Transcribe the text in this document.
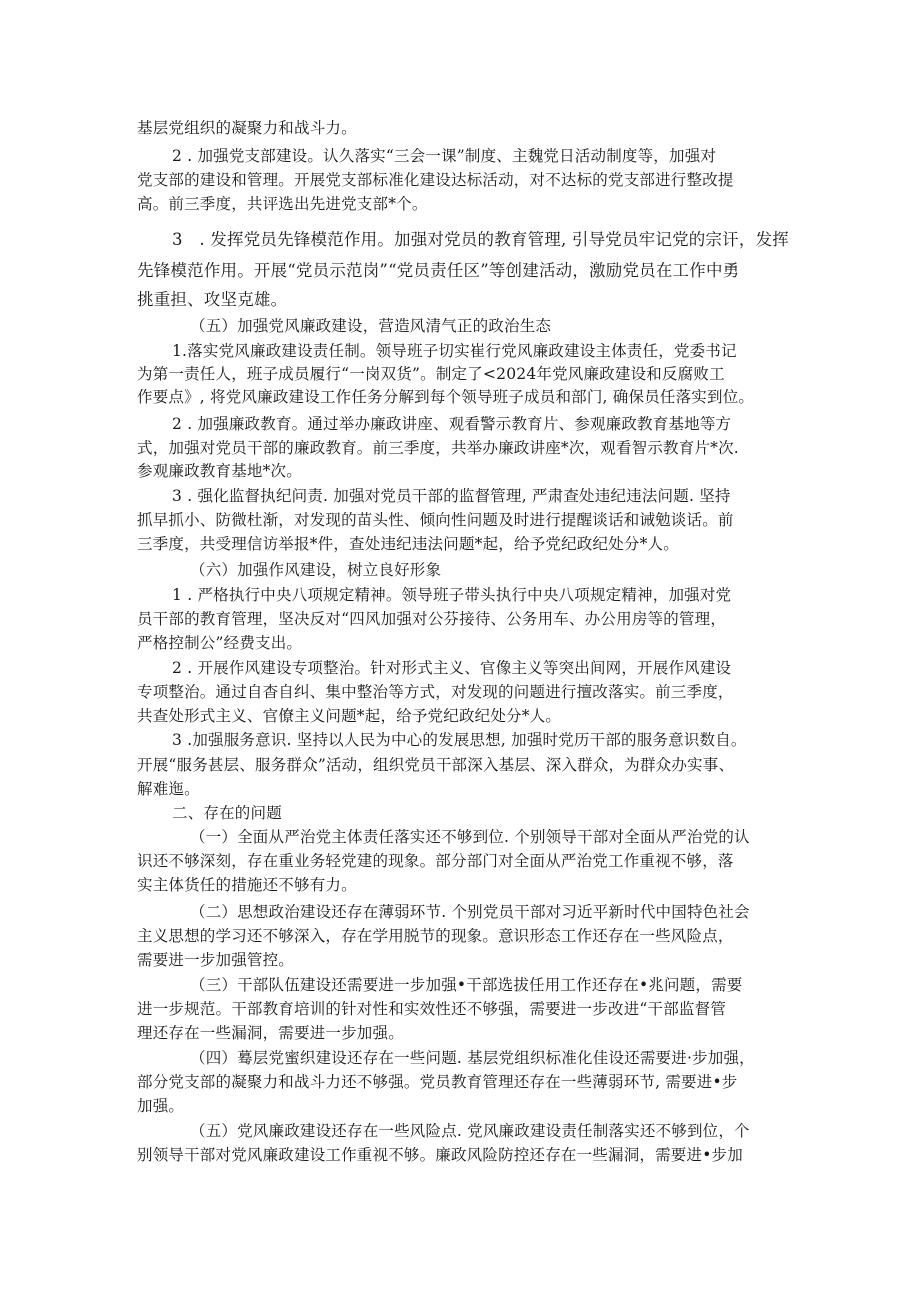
基层党组织的凝聚力和战斗力。
2 . 加强党支部建设。认久落实“三会一课”制度、主魏党日活动制度等，加强对
党支部的建设和管理。开展党支部标准化建设达标活动，对不达标的党支部进行整改提
高。前三季度，共评选出先进党支部*个。
3　. 发挥党员先锋模范作用。加强对党员的教育管理, 引导党员牢记党的宗讦，发挥
先锋模范作用。开展“党员示范岗”“党员责任区”等创建活动，激励党员在工作中勇
挑重担、攻坚克雄。
（五）加强党风廉政建设，营造风清气正的政治生态
1.落实党风廉政建设责任制。领导班子切实崔行党风廉政建设主体责任，党委书记
为第一责任人，班子成员履行“一岗双货”。制定了<2024年党风廉政建设和反腐败工
作要点》, 将党风廉政建设工作任务分解到每个领导班子成员和部门, 确保员任落实到位。
2 . 加强廉政教育。通过举办廉政讲座、观看警示教育片、参观廉政教育基地等方
式，加强对党员干部的廉政教育。前三季度，共举办廉政讲座*次，观看智示教育片*次.
参观廉政教育基地*次。
3 . 强化监督执纪问责. 加强对党员干部的监督管理, 严肃查处违纪违法问题. 坚持
抓早抓小、防微杜渐，对发现的苗头性、倾向性问题及时进行提醒谈话和诫勉谈话。前
三季度，共受理信访举报*件，查处违纪违法问题*起，给予党纪政纪处分*人。
（六）加强作风建设，树立良好形象
1 . 严格执行中央八项规定精神。领导班子带头执行中央八项规定精神，加强对党
员干部的教育管理，坚决反对“四风加强对公芬接待、公务用车、办公用房等的管理，
严格控制公”经费支出。
2 . 开展作风建设专项整治。针对形式主义、官像主义等突出间网，开展作风建设
专项整治。通过自杳自纠、集中整治等方式，对发现的问题进行擅改落实。前三季度，
共查处形式主义、官僚主义问题*起，给予党纪政纪处分*人。
3 .加强服务意识. 坚持以人民为中心的发展思想, 加强时党历干部的服务意识数自。
开展“服务甚层、服务群众”活动，组织党员干部深入基层、深入群众，为群众办实事、
解难迤。
二、存在的问题
（一）全面从严治党主体责任落实还不够到位. 个别领导干部对全面从严治党的认
识还不够深刻，存在重业务轻党建的现象。部分部门对全面从严治党工作重视不够，落
实主体货任的措施还不够有力。
（二）思想政治建设还存在薄弱环节. 个别党员干部对习近平新时代中国特色社会
主义思想的学习还不够深入，存在学用脱节的现象。意识形态工作还存在一些风险点，
需要进一步加强管控。
（三）干部队伍建设还需要进一步加强•干部选拔任用工作还存在•兆问题，需要
进一步规范。干部教育培训的针对性和实效性还不够强，需要进一步改进“干部监督管
理还存在一些漏洞，需要进一步加强。
（四）蓦层党蜜织建设还存在一些问题. 基层党组织标准化佳设还需要进·步加强，
部分党支部的凝聚力和战斗力还不够强。党员教育管理还存在一些薄弱环节, 需要进•步
加强。
（五）党风廉政建设还存在一些风险点. 党风廉政建设责任制落实还不够到位，个
别领导干部对党风廉政建设工作重视不够。廉政风险防控还存在一些漏洞，需要进•步加
